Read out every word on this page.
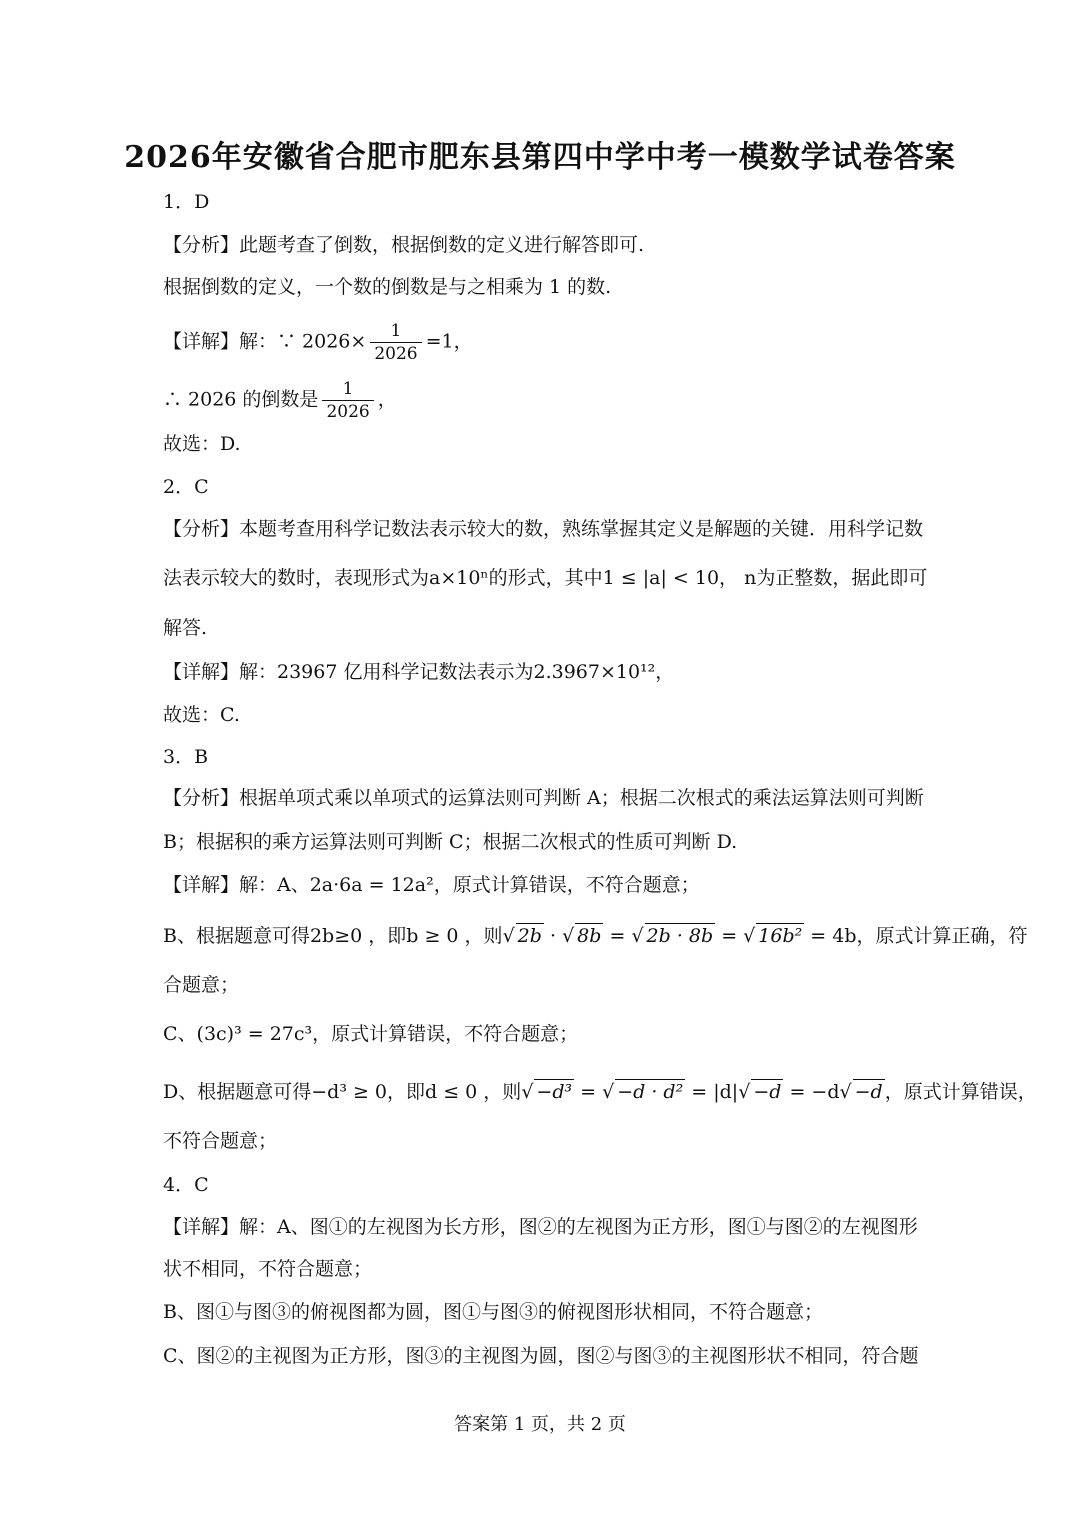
2026年安徽省合肥市肥东县第四中学中考一模数学试卷答案
1．D
【分析】此题考查了倒数，根据倒数的定义进行解答即可.
根据倒数的定义，一个数的倒数是与之相乘为 1 的数.
【详解】解：∵ $2026\times \frac{1}{2026} =1$，
∴ 2026 的倒数是 $\frac{1}{2026}$ ，
故选：D.
2．C
【分析】本题考查用科学记数法表示较大的数，熟练掌握其定义是解题的关键．用科学记数
法表示较大的数时，表现形式为a×10ⁿ的形式，其中1 ≤ |a| < 10， n为正整数，据此即可
解答.
【详解】解：23967 亿用科学记数法表示为2.3967×10¹²，
故选：C.
3．B
【分析】根据单项式乘以单项式的运算法则可判断 A；根据二次根式的乘法运算法则可判断
B；根据积的乘方运算法则可判断 C；根据二次根式的性质可判断 D.
【详解】解：A、2a·6a = 12a²，原式计算错误，不符合题意；
B、根据题意可得2b≥0 ，即b ≥ 0 ，则√ 2b · √ 8b = √ 2b · 8b = √ 16b² = 4b，原式计算正确，符
合题意；
C、(3c)³ = 27c³，原式计算错误，不符合题意；
D、根据题意可得−d³ ≥ 0，即d ≤ 0 ，则√ −d³ = √ −d · d² = |d|√ −d = −d√ −d ，原式计算错误，
不符合题意；
4．C
【详解】解：A、图①的左视图为长方形，图②的左视图为正方形，图①与图②的左视图形
状不相同，不符合题意；
B、图①与图③的俯视图都为圆，图①与图③的俯视图形状相同，不符合题意；
C、图②的主视图为正方形，图③的主视图为圆，图②与图③的主视图形状不相同，符合题
答案第 1 页，共 2 页
